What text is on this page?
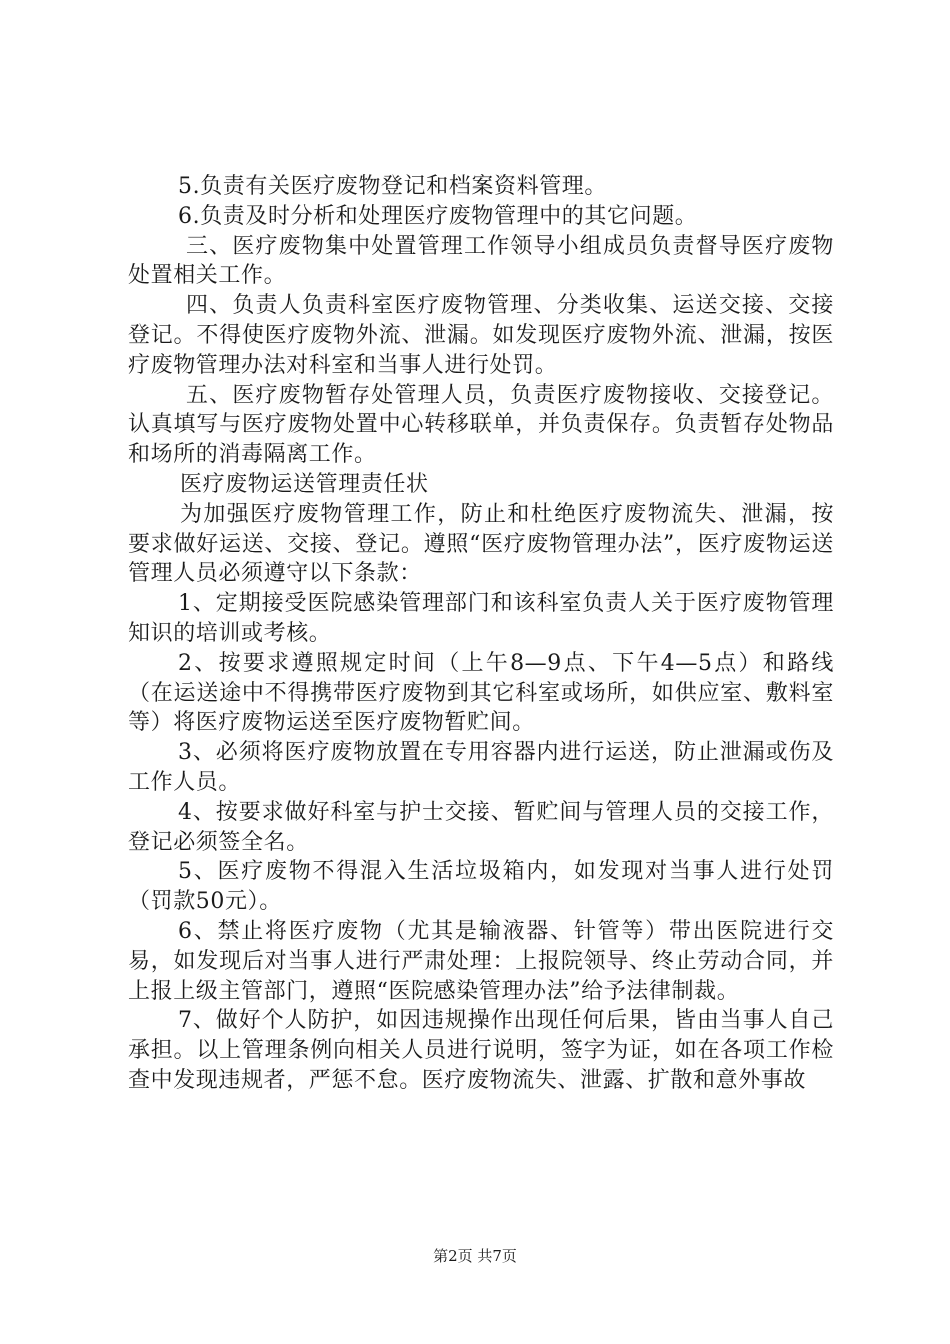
5.负责有关医疗废物登记和档案资料管理。

6.负责及时分析和处理医疗废物管理中的其它问题。

三、医疗废物集中处置管理工作领导小组成员负责督导医疗废物处置相关工作。

四、负责人负责科室医疗废物管理、分类收集、运送交接、交接登记。不得使医疗废物外流、泄漏。如发现医疗废物外流、泄漏，按医疗废物管理办法对科室和当事人进行处罚。

五、医疗废物暂存处管理人员，负责医疗废物接收、交接登记。认真填写与医疗废物处置中心转移联单，并负责保存。负责暂存处物品和场所的消毒隔离工作。

医疗废物运送管理责任状

为加强医疗废物管理工作，防止和杜绝医疗废物流失、泄漏，按要求做好运送、交接、登记。遵照“医疗废物管理办法”，医疗废物运送管理人员必须遵守以下条款：

1、定期接受医院感染管理部门和该科室负责人关于医疗废物管理知识的培训或考核。

2、按要求遵照规定时间（上午8—9点、下午4—5点）和路线（在运送途中不得携带医疗废物到其它科室或场所，如供应室、敷料室等）将医疗废物运送至医疗废物暂贮间。

3、必须将医疗废物放置在专用容器内进行运送，防止泄漏或伤及工作人员。

4、按要求做好科室与护士交接、暂贮间与管理人员的交接工作，登记必须签全名。

5、医疗废物不得混入生活垃圾箱内，如发现对当事人进行处罚（罚款50元）。

6、禁止将医疗废物（尤其是输液器、针管等）带出医院进行交易，如发现后对当事人进行严肃处理：上报院领导、终止劳动合同，并上报上级主管部门，遵照“医院感染管理办法”给予法律制裁。

7、做好个人防护，如因违规操作出现任何后果，皆由当事人自己承担。以上管理条例向相关人员进行说明，签字为证，如在各项工作检查中发现违规者，严惩不怠。医疗废物流失、泄露、扩散和意外事故

第2页 共7页
